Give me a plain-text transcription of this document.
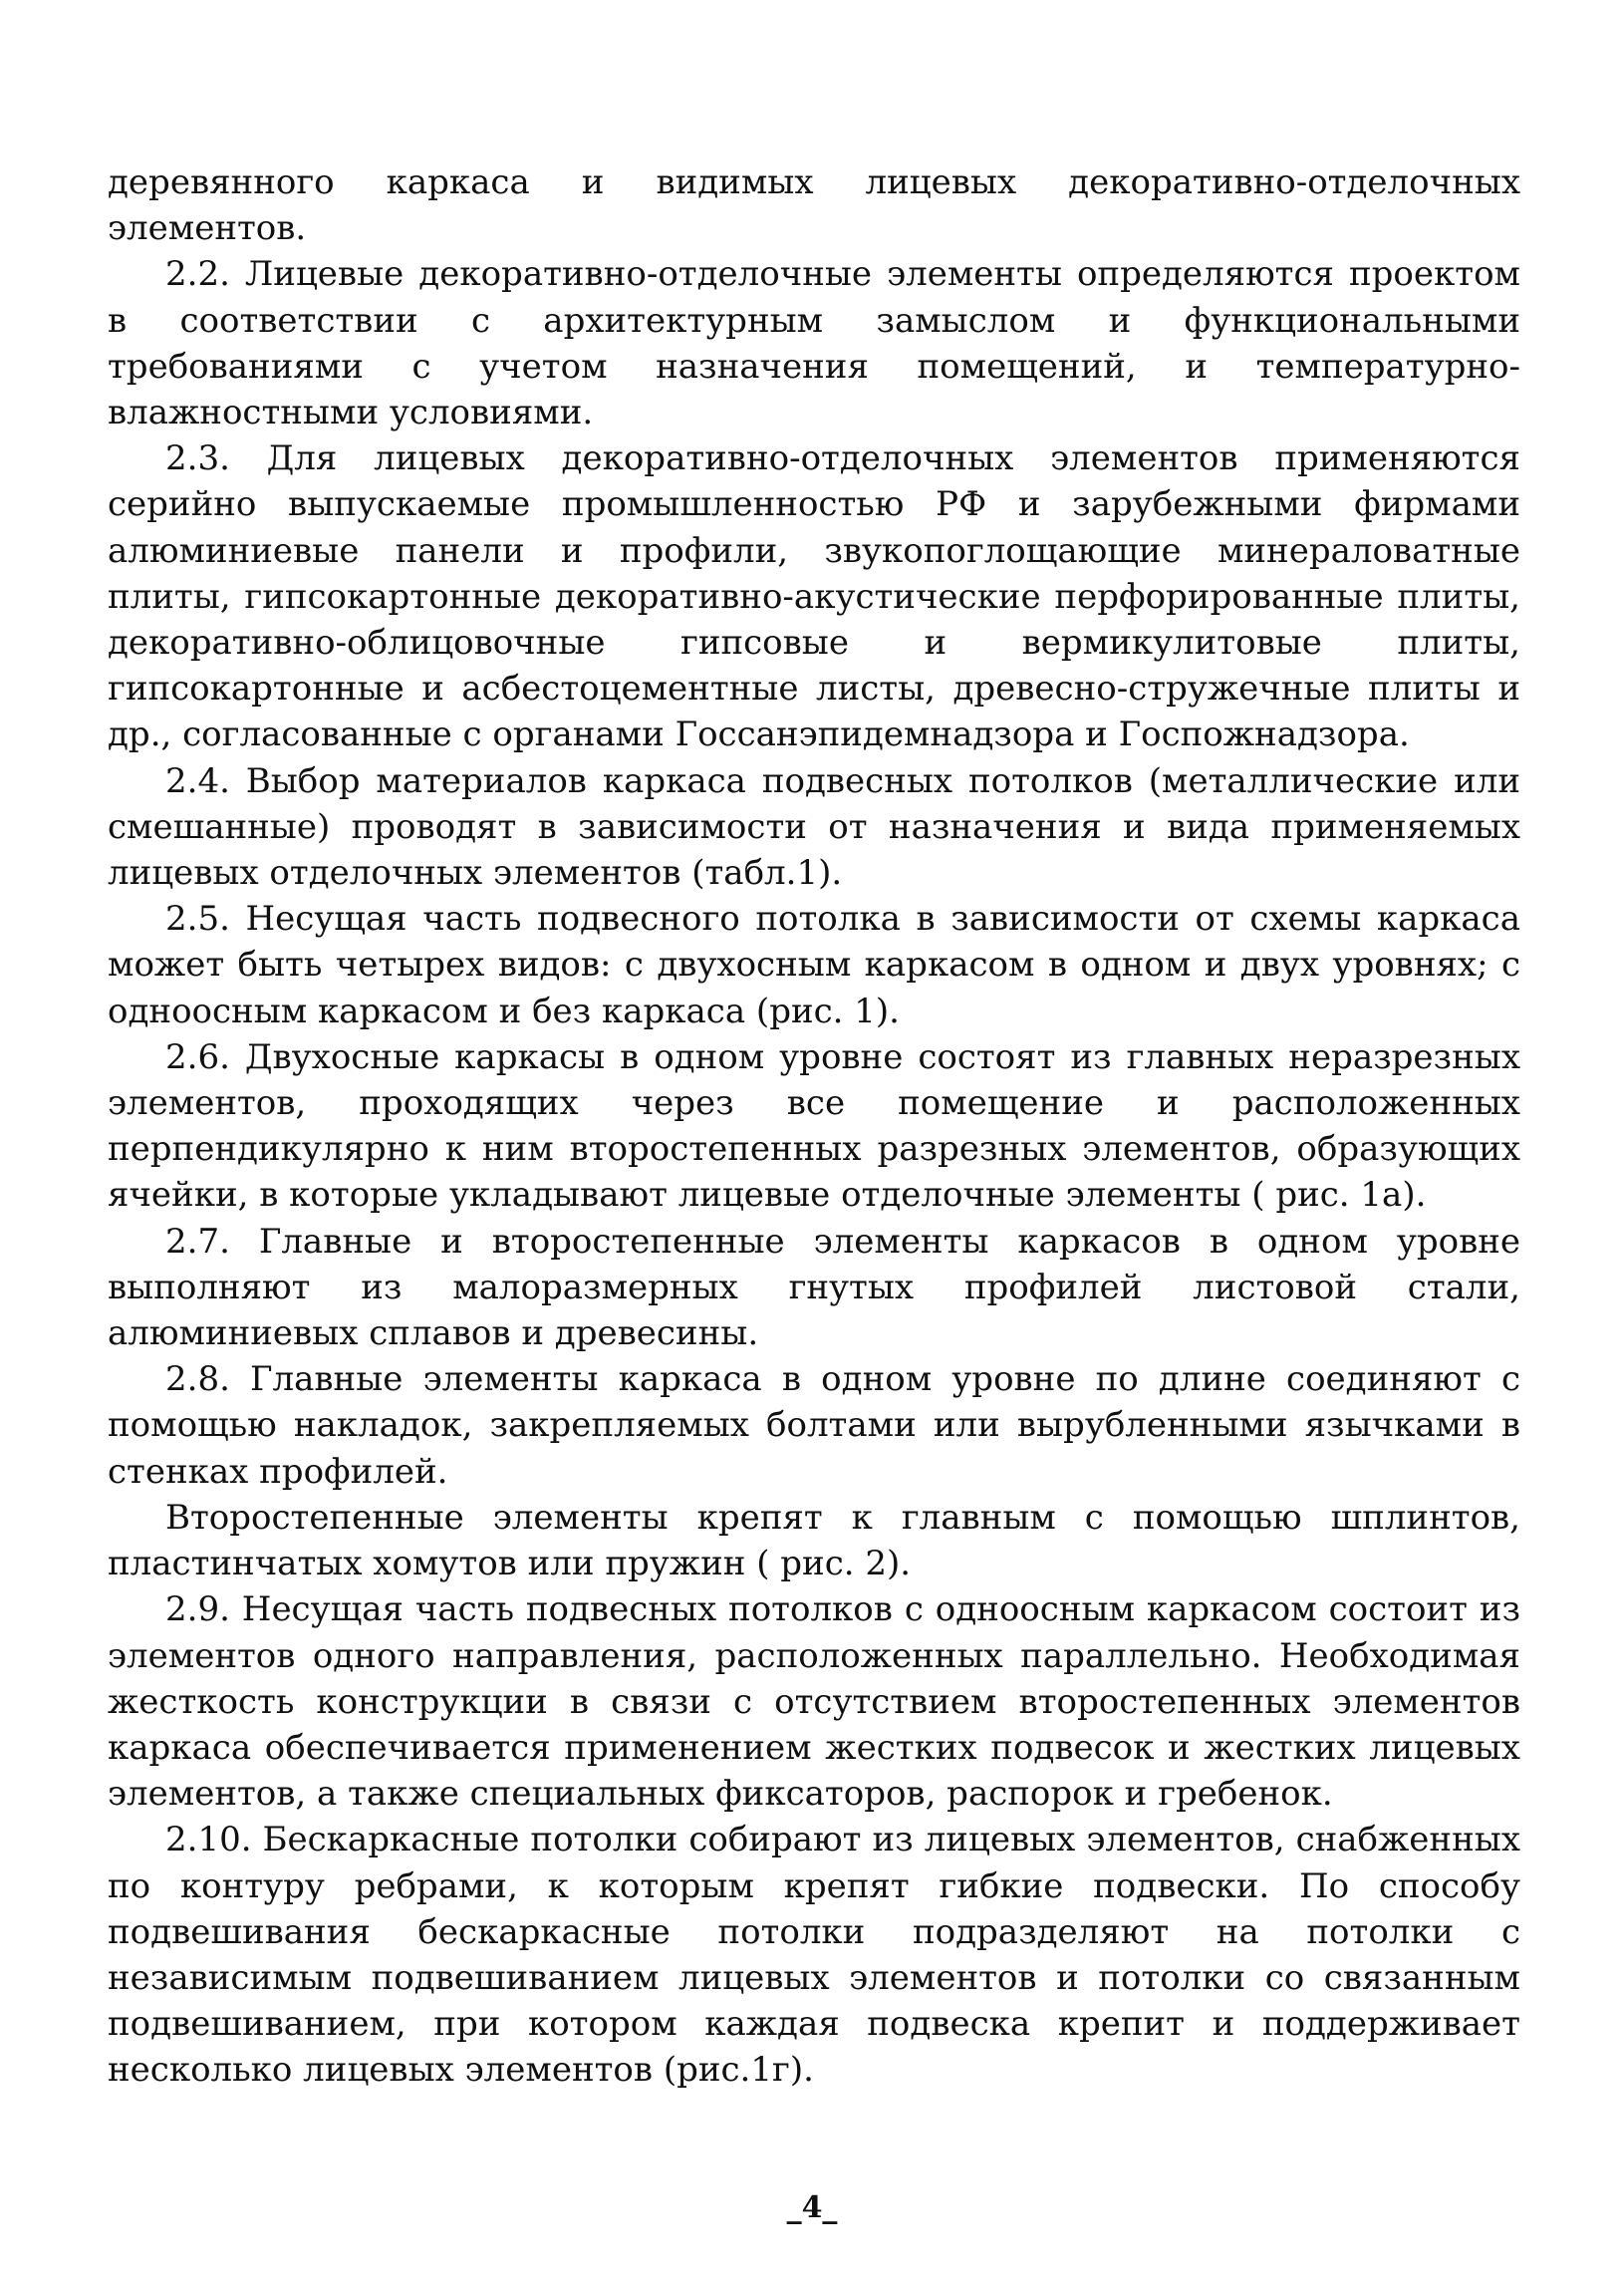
деревянного каркаса и видимых лицевых декоративно-отделочных элементов.

2.2. Лицевые декоративно-отделочные элементы определяются проектом в соответствии с архитектурным замыслом и функциональными требованиями с учетом назначения помещений, и температурно-влажностными условиями.

2.3. Для лицевых декоративно-отделочных элементов применяются серийно выпускаемые промышленностью РФ и зарубежными фирмами алюминиевые панели и профили, звукопоглощающие минераловатные плиты, гипсокартонные декоративно-акустические перфорированные плиты, декоративно-облицовочные гипсовые и вермикулитовые плиты, гипсокартонные и асбестоцементные листы, древесно-стружечные плиты и др., согласованные с органами Госсанэпидемнадзора и Госпожнадзора.

2.4. Выбор материалов каркаса подвесных потолков (металлические или смешанные) проводят в зависимости от назначения и вида применяемых лицевых отделочных элементов (табл.1).

2.5. Несущая часть подвесного потолка в зависимости от схемы каркаса может быть четырех видов: с двухосным каркасом в одном и двух уровнях; с одноосным каркасом и без каркаса (рис. 1).

2.6. Двухосные каркасы в одном уровне состоят из главных неразрезных элементов, проходящих через все помещение и расположенных перпендикулярно к ним второстепенных разрезных элементов, образующих ячейки, в которые укладывают лицевые отделочные элементы ( рис. 1а).

2.7. Главные и второстепенные элементы каркасов в одном уровне выполняют из малоразмерных гнутых профилей листовой стали, алюминиевых сплавов и древесины.

2.8. Главные элементы каркаса в одном уровне по длине соединяют с помощью накладок, закрепляемых болтами или вырубленными язычками в стенках профилей.

Второстепенные элементы крепят к главным с помощью шплинтов, пластинчатых хомутов или пружин ( рис. 2).

2.9. Несущая часть подвесных потолков с одноосным каркасом состоит из элементов одного направления, расположенных параллельно. Необходимая жесткость конструкции в связи с отсутствием второстепенных элементов каркаса обеспечивается применением жестких подвесок и жестких лицевых элементов, а также специальных фиксаторов, распорок и гребенок.

2.10. Бескаркасные потолки собирают из лицевых элементов, снабженных по контуру ребрами, к которым крепят гибкие подвески. По способу подвешивания бескаркасные потолки подразделяют на потолки с независимым подвешиванием лицевых элементов и потолки со связанным подвешиванием, при котором каждая подвеска крепит и поддерживает несколько лицевых элементов (рис.1г).

_4_
